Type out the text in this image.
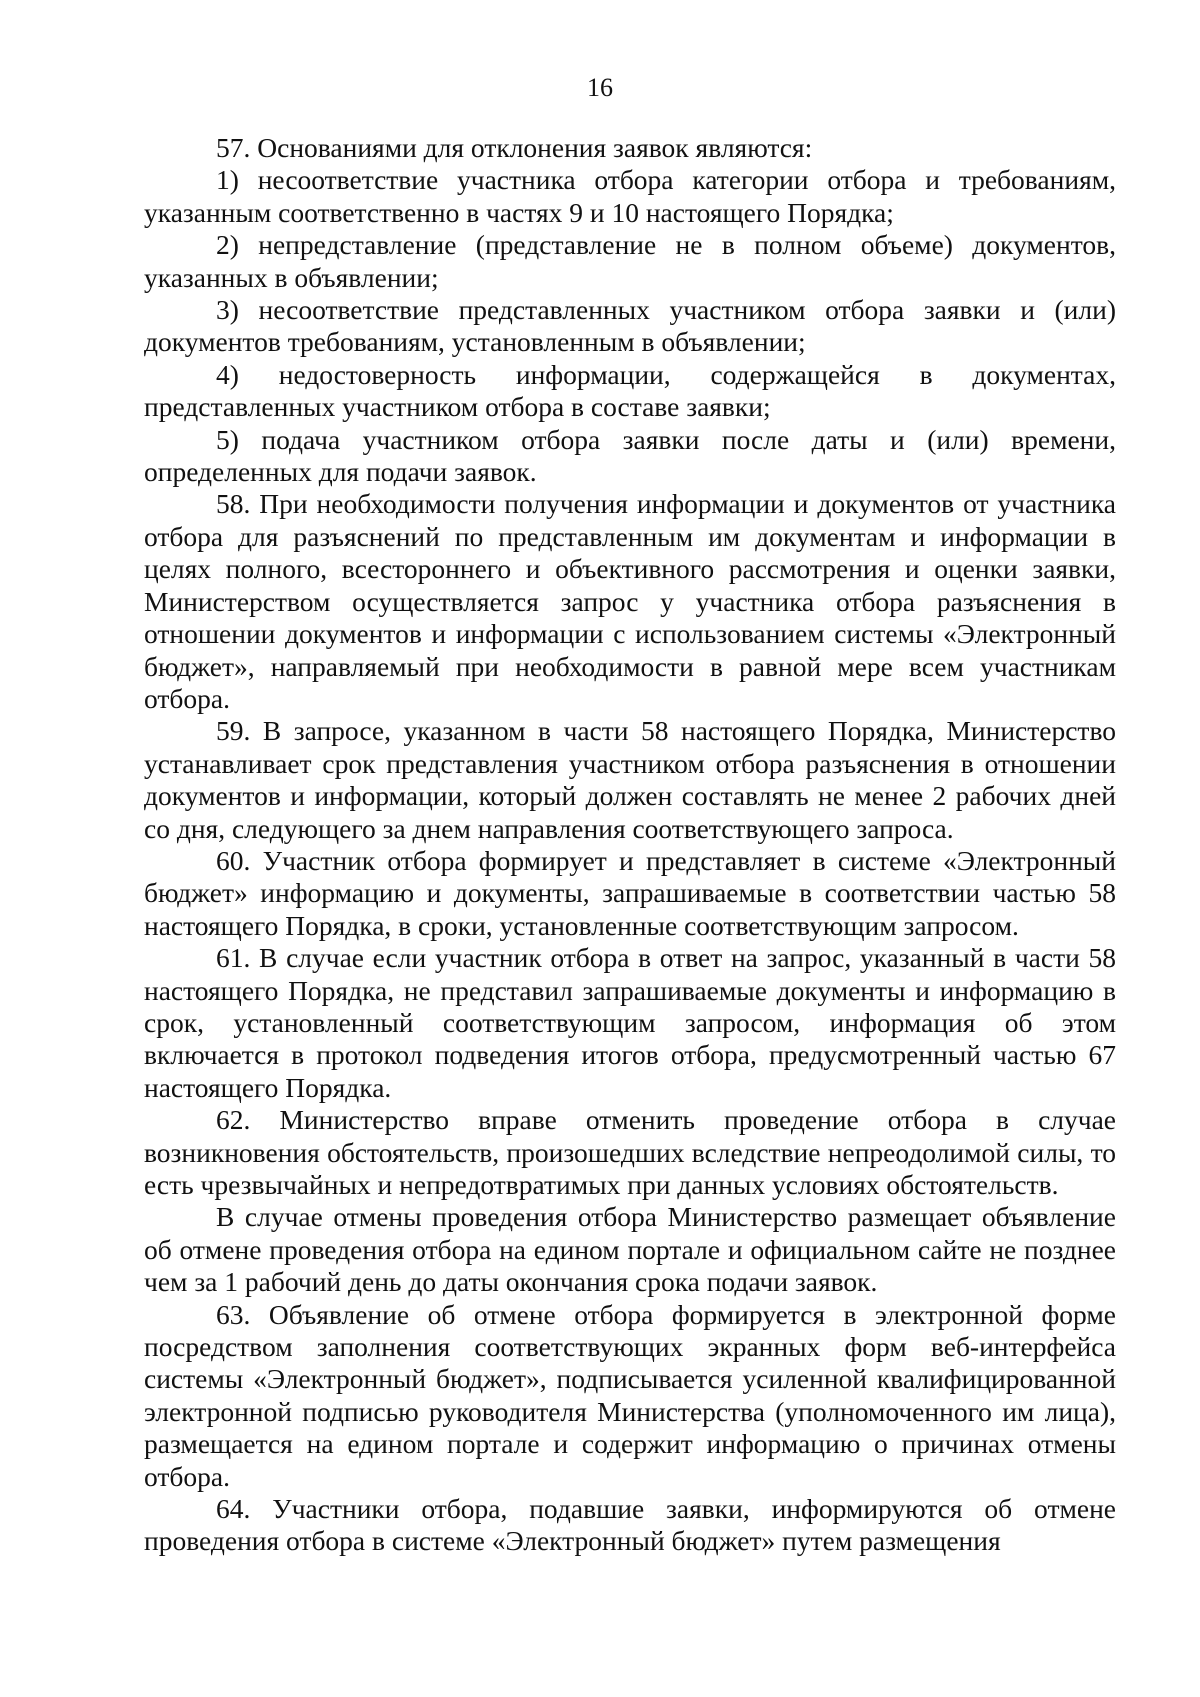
16

57. Основаниями для отклонения заявок являются:

1) несоответствие участника отбора категории отбора и требованиям, указанным соответственно в частях 9 и 10 настоящего Порядка;

2) непредставление (представление не в полном объеме) документов, указанных в объявлении;

3) несоответствие представленных участником отбора заявки и (или) документов требованиям, установленным в объявлении;

4) недостоверность информации, содержащейся в документах, представленных участником отбора в составе заявки;

5) подача участником отбора заявки после даты и (или) времени, определенных для подачи заявок.

58. При необходимости получения информации и документов от участника отбора для разъяснений по представленным им документам и информации в целях полного, всестороннего и объективного рассмотрения и оценки заявки, Министерством осуществляется запрос у участника отбора разъяснения в отношении документов и информации с использованием системы «Электронный бюджет», направляемый при необходимости в равной мере всем участникам отбора.

59. В запросе, указанном в части 58 настоящего Порядка, Министерство устанавливает срок представления участником отбора разъяснения в отношении документов и информации, который должен составлять не менее 2 рабочих дней со дня, следующего за днем направления соответствующего запроса.

60. Участник отбора формирует и представляет в системе «Электронный бюджет» информацию и документы, запрашиваемые в соответствии частью 58 настоящего Порядка, в сроки, установленные соответствующим запросом.

61. В случае если участник отбора в ответ на запрос, указанный в части 58 настоящего Порядка, не представил запрашиваемые документы и информацию в срок, установленный соответствующим запросом, информация об этом включается в протокол подведения итогов отбора, предусмотренный частью 67 настоящего Порядка.

62. Министерство вправе отменить проведение отбора в случае возникновения обстоятельств, произошедших вследствие непреодолимой силы, то есть чрезвычайных и непредотвратимых при данных условиях обстоятельств.

В случае отмены проведения отбора Министерство размещает объявление об отмене проведения отбора на едином портале и официальном сайте не позднее чем за 1 рабочий день до даты окончания срока подачи заявок.

63. Объявление об отмене отбора формируется в электронной форме посредством заполнения соответствующих экранных форм веб-интерфейса системы «Электронный бюджет», подписывается усиленной квалифицированной электронной подписью руководителя Министерства (уполномоченного им лица), размещается на едином портале и содержит информацию о причинах отмены отбора.

64. Участники отбора, подавшие заявки, информируются об отмене проведения отбора в системе «Электронный бюджет» путем размещения
